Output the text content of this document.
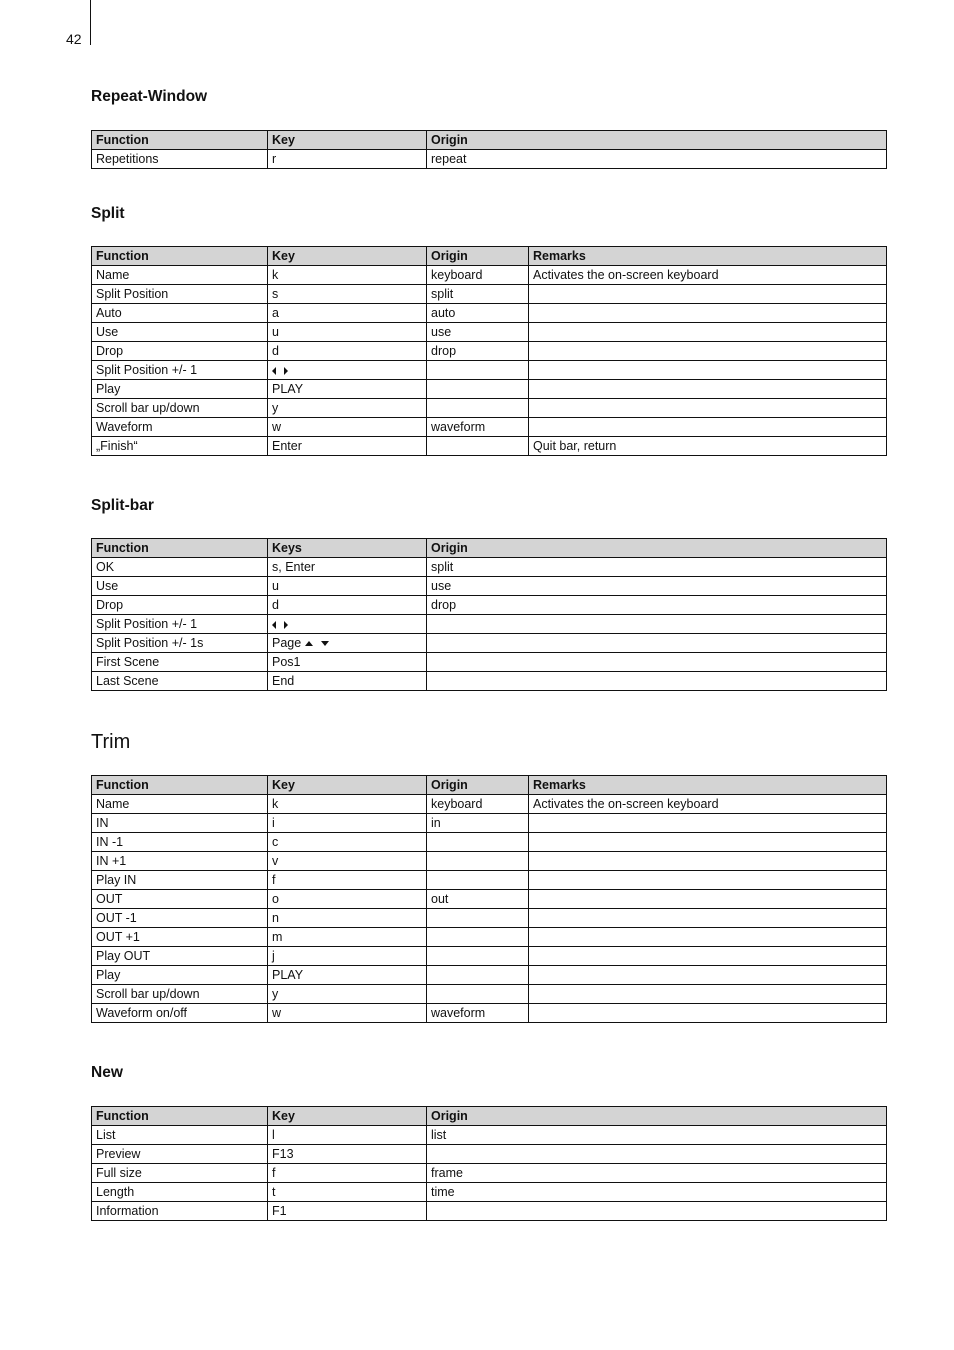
42
Repeat-Window
Function	Key	Origin
Repetitions	r	repeat
Split
Function	Key	Origin	Remarks
Name	k	keyboard	Activates the on-screen keyboard
Split Position	s	split	
Auto	a	auto	
Use	u	use	
Drop	d	drop	
Split Position +/- 1			
Play	PLAY		
Scroll bar up/down	y		
Waveform	w	waveform	
„Finish“	Enter		Quit bar, return
Split-bar
Function	Keys	Origin
OK	s, Enter	split
Use	u	use
Drop	d	drop
Split Position +/- 1		
Split Position +/- 1s	Page	
First Scene	Pos1	
Last Scene	End	
Trim
Function	Key	Origin	Remarks
Name	k	keyboard	Activates the on-screen keyboard
IN	i	in	
IN -1	c		
IN +1	v		
Play IN	f		
OUT	o	out	
OUT -1	n		
OUT +1	m		
Play OUT	j		
Play	PLAY		
Scroll bar up/down	y		
Waveform on/off	w	waveform	
New
Function	Key	Origin
List	l	list
Preview	F13	
Full size	f	frame
Length	t	time
Information	F1	
